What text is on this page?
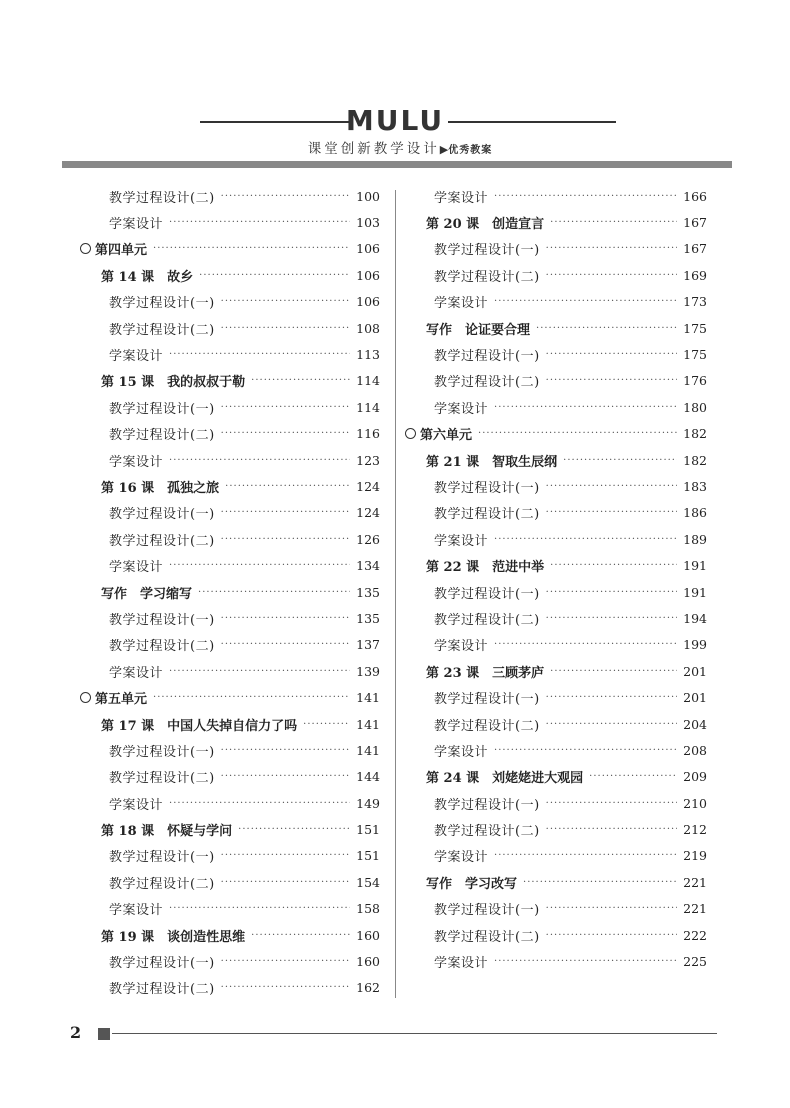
MULU
课堂创新教学设计▶优秀教案
教学过程设计(二) ·····	100
学案设计 ·····	103
第四单元 ·····	106
第 14 课　故乡 ·····	106
教学过程设计(一) ·····	106
教学过程设计(二) ·····	108
学案设计 ·····	113
第 15 课　我的叔叔于勒 ·····	114
教学过程设计(一) ·····	114
教学过程设计(二) ·····	116
学案设计 ·····	123
第 16 课　孤独之旅 ·····	124
教学过程设计(一) ·····	124
教学过程设计(二) ·····	126
学案设计 ·····	134
写作　学习缩写 ·····	135
教学过程设计(一) ·····	135
教学过程设计(二) ·····	137
学案设计 ·····	139
第五单元 ·····	141
第 17 课　中国人失掉自信力了吗 ·····	141
教学过程设计(一) ·····	141
教学过程设计(二) ·····	144
学案设计 ·····	149
第 18 课　怀疑与学问 ·····	151
教学过程设计(一) ·····	151
教学过程设计(二) ·····	154
学案设计 ·····	158
第 19 课　谈创造性思维 ·····	160
教学过程设计(一) ·····	160
教学过程设计(二) ·····	162
学案设计 ·····	166
第 20 课　创造宣言 ·····	167
教学过程设计(一) ·····	167
教学过程设计(二) ·····	169
学案设计 ·····	173
写作　论证要合理 ·····	175
教学过程设计(一) ·····	175
教学过程设计(二) ·····	176
学案设计 ·····	180
第六单元 ·····	182
第 21 课　智取生辰纲 ·····	182
教学过程设计(一) ·····	183
教学过程设计(二) ·····	186
学案设计 ·····	189
第 22 课　范进中举 ·····	191
教学过程设计(一) ·····	191
教学过程设计(二) ·····	194
学案设计 ·····	199
第 23 课　三顾茅庐 ·····	201
教学过程设计(一) ·····	201
教学过程设计(二) ·····	204
学案设计 ·····	208
第 24 课　刘姥姥进大观园 ·····	209
教学过程设计(一) ·····	210
教学过程设计(二) ·····	212
学案设计 ·····	219
写作　学习改写 ·····	221
教学过程设计(一) ·····	221
教学过程设计(二) ·····	222
学案设计 ·····	225
2
